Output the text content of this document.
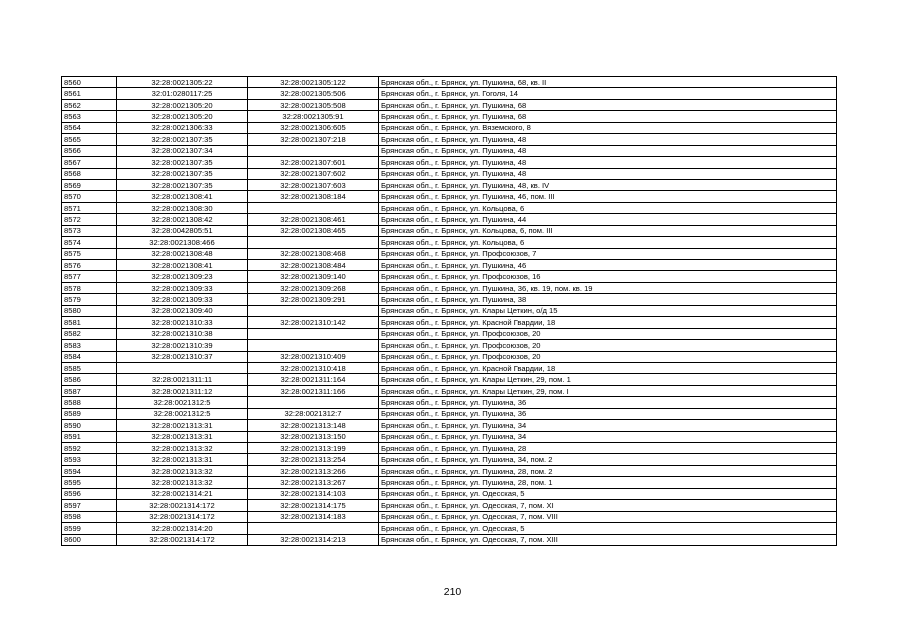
8560	32:28:0021305:22	32:28:0021305:122	Брянская обл., г. Брянск, ул. Пушкина, 68, кв. II
8561	32:01:0280117:25	32:28:0021305:506	Брянская обл., г. Брянск, ул. Гоголя, 14
8562	32:28:0021305:20	32:28:0021305:508	Брянская обл., г. Брянск, ул. Пушкина, 68
8563	32:28:0021305:20	32:28:0021305:91	Брянская обл., г. Брянск, ул. Пушкина, 68
8564	32:28:0021306:33	32:28:0021306:605	Брянская обл., г. Брянск, ул. Вяземского, 8
8565	32:28:0021307:35	32:28:0021307:218	Брянская обл., г. Брянск, ул. Пушкина, 48
8566	32:28:0021307:34		Брянская обл., г. Брянск, ул. Пушкина, 48
8567	32:28:0021307:35	32:28:0021307:601	Брянская обл., г. Брянск, ул. Пушкина, 48
8568	32:28:0021307:35	32:28:0021307:602	Брянская обл., г. Брянск, ул. Пушкина, 48
8569	32:28:0021307:35	32:28:0021307:603	Брянская обл., г. Брянск, ул. Пушкина, 48, кв. IV
8570	32:28:0021308:41	32:28:0021308:184	Брянская обл., г. Брянск, ул. Пушкина, 46, пом. III
8571	32:28:0021308:30		Брянская обл., г. Брянск, ул. Кольцова, 6
8572	32:28:0021308:42	32:28:0021308:461	Брянская обл., г. Брянск, ул. Пушкина, 44
8573	32:28:0042805:51	32:28:0021308:465	Брянская обл., г. Брянск, ул. Кольцова, 6, пом. III
8574	32:28:0021308:466		Брянская обл., г. Брянск, ул. Кольцова, 6
8575	32:28:0021308:48	32:28:0021308:468	Брянская обл., г. Брянск, ул. Профсоюзов, 7
8576	32:28:0021308:41	32:28:0021308:484	Брянская обл., г. Брянск, ул. Пушкина, 46
8577	32:28:0021309:23	32:28:0021309:140	Брянская обл., г. Брянск, ул. Профсоюзов, 16
8578	32:28:0021309:33	32:28:0021309:268	Брянская обл., г. Брянск, ул. Пушкина, 36, кв. 19, пом. кв. 19
8579	32:28:0021309:33	32:28:0021309:291	Брянская обл., г. Брянск, ул. Пушкина, 38
8580	32:28:0021309:40		Брянская обл., г. Брянск, ул. Клары Цеткин, о/д 15
8581	32:28:0021310:33	32:28:0021310:142	Брянская обл., г. Брянск, ул. Красной Гвардии, 18
8582	32:28:0021310:38		Брянская обл., г. Брянск, ул. Профсоюзов, 20
8583	32:28:0021310:39		Брянская обл., г. Брянск, ул. Профсоюзов, 20
8584	32:28:0021310:37	32:28:0021310:409	Брянская обл., г. Брянск, ул. Профсоюзов, 20
8585		32:28:0021310:418	Брянская обл., г. Брянск, ул. Красной Гвардии, 18
8586	32:28:0021311:11	32:28:0021311:164	Брянская обл., г. Брянск, ул. Клары Цеткин, 29, пом. 1
8587	32:28:0021311:12	32:28:0021311:166	Брянская обл., г. Брянск, ул. Клары Цеткин, 29, пом. I
8588	32:28:0021312:5		Брянская обл., г. Брянск, ул. Пушкина, 36
8589	32:28:0021312:5	32:28:0021312:7	Брянская обл., г. Брянск, ул. Пушкина, 36
8590	32:28:0021313:31	32:28:0021313:148	Брянская обл., г. Брянск, ул. Пушкина, 34
8591	32:28:0021313:31	32:28:0021313:150	Брянская обл., г. Брянск, ул. Пушкина, 34
8592	32:28:0021313:32	32:28:0021313:199	Брянская обл., г. Брянск, ул. Пушкина, 28
8593	32:28:0021313:31	32:28:0021313:254	Брянская обл., г. Брянск, ул. Пушкина, 34, пом. 2
8594	32:28:0021313:32	32:28:0021313:266	Брянская обл., г. Брянск, ул. Пушкина, 28, пом. 2
8595	32:28:0021313:32	32:28:0021313:267	Брянская обл., г. Брянск, ул. Пушкина, 28, пом. 1
8596	32:28:0021314:21	32:28:0021314:103	Брянская обл., г. Брянск, ул. Одесская, 5
8597	32:28:0021314:172	32:28:0021314:175	Брянская обл., г. Брянск, ул. Одесская, 7, пом. XI
8598	32:28:0021314:172	32:28:0021314:183	Брянская обл., г. Брянск, ул. Одесская, 7, пом. VIII
8599	32:28:0021314:20		Брянская обл., г. Брянск, ул. Одесская, 5
8600	32:28:0021314:172	32:28:0021314:213	Брянская обл., г. Брянск, ул. Одесская, 7, пом. XIII
210
